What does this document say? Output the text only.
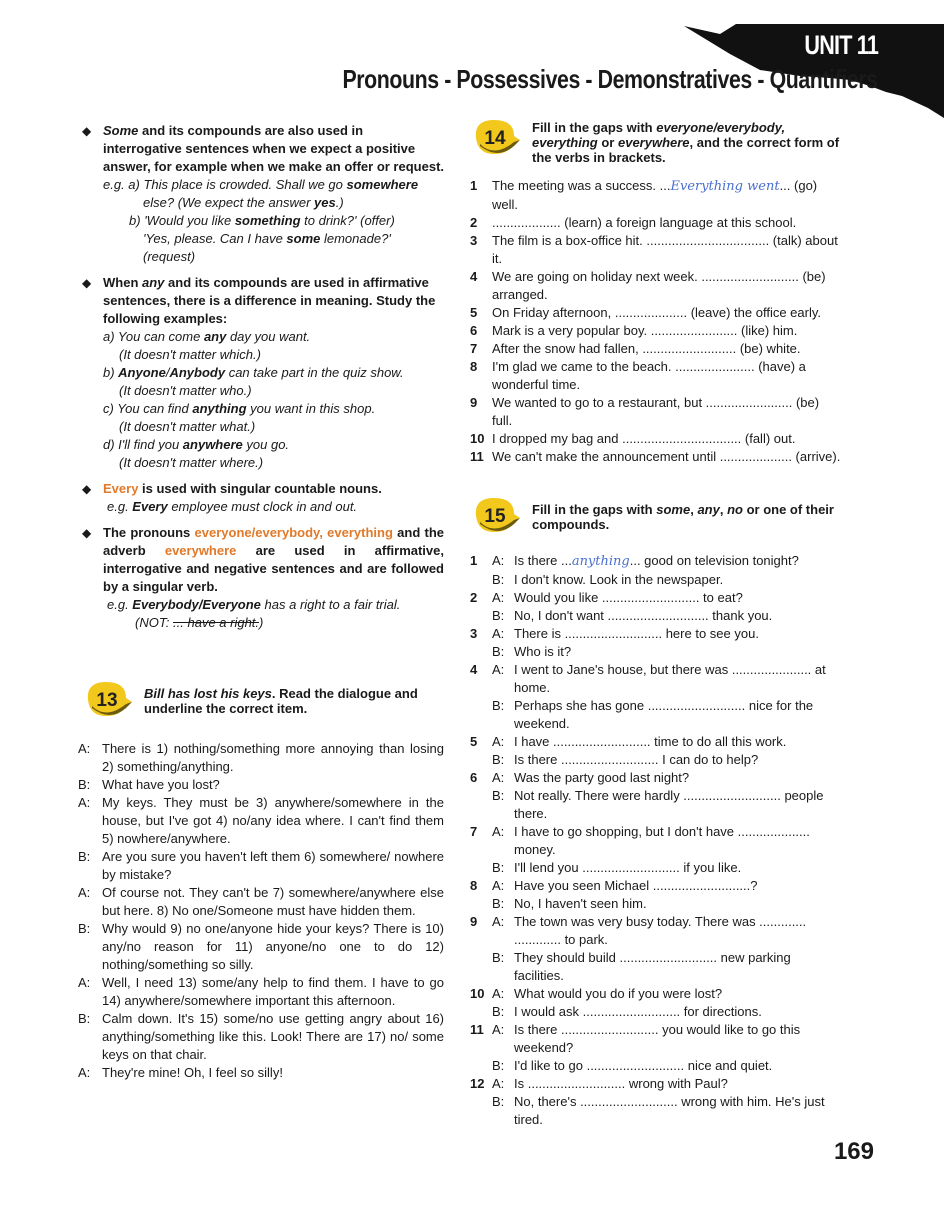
UNIT 11
Pronouns - Possessives - Demonstratives - Quantifiers
◆ Some and its compounds are also used in interrogative sentences when we expect a positive answer, for example when we make an offer or request.
e.g. a) This place is crowded. Shall we go somewhere
else? (We expect the answer yes.)
b) 'Would you like something to drink?' (offer)
'Yes, please. Can I have some lemonade?'
(request)
◆ When any and its compounds are used in affirmative sentences, there is a difference in meaning. Study the following examples:
a) You can come any day you want.
(It doesn't matter which.)
b) Anyone/Anybody can take part in the quiz show.
(It doesn't matter who.)
c) You can find anything you want in this shop.
(It doesn't matter what.)
d) I'll find you anywhere you go.
(It doesn't matter where.)
◆ Every is used with singular countable nouns.
e.g. Every employee must clock in and out.
◆ The pronouns everyone/everybody, everything and the adverb everywhere are used in affirmative, interrogative and negative sentences and are followed by a singular verb.
e.g. Everybody/Everyone has a right to a fair trial.
(NOT: ... have a right.)
13 Bill has lost his keys. Read the dialogue and underline the correct item.
A: There is 1) nothing/something more annoying than losing 2) something/anything.
B: What have you lost?
A: My keys. They must be 3) anywhere/somewhere in the house, but I've got 4) no/any idea where. I can't find them 5) nowhere/anywhere.
B: Are you sure you haven't left them 6) somewhere/ nowhere by mistake?
A: Of course not. They can't be 7) somewhere/anywhere else but here. 8) No one/Someone must have hidden them.
B: Why would 9) no one/anyone hide your keys? There is 10) any/no reason for 11) anyone/no one to do 12) nothing/something so silly.
A: Well, I need 13) some/any help to find them. I have to go 14) anywhere/somewhere important this afternoon.
B: Calm down. It's 15) some/no use getting angry about 16) anything/something like this. Look! There are 17) no/ some keys on that chair.
A: They're mine! Oh, I feel so silly!
14
Fill in the gaps with everyone/everybody, everything or everywhere, and the correct form of the verbs in brackets.
1	The meeting was a success. ...Everything went... (go) well.
2	................... (learn) a foreign language at this school.
3	The film is a box-office hit. .................................. (talk) about it.
4	We are going on holiday next week. ........................... (be) arranged.
5	On Friday afternoon, .................... (leave) the office early.
6	Mark is a very popular boy. ........................ (like) him.
7	After the snow had fallen, .......................... (be) white.
8	I'm glad we came to the beach. ...................... (have) a wonderful time.
9	We wanted to go to a restaurant, but ........................ (be) full.
10 I dropped my bag and ................................. (fall) out.
11 We can't make the announcement until .................... (arrive).
15 Fill in the gaps with some, any, no or one of their compounds.
1	A: Is there ...anything... good on television tonight?
B: I don't know. Look in the newspaper.
2	A: Would you like ........................... to eat?
B: No, I don't want ............................ thank you.
3	A: There is ........................... here to see you.
B: Who is it?
4	A: I went to Jane's house, but there was ...................... at home.
B: Perhaps she has gone ........................... nice for the weekend.
5	A: I have ........................... time to do all this work.
B: Is there ........................... I can do to help?
6	A: Was the party good last night?
B: Not really. There were hardly ........................... people there.
7	A: I have to go shopping, but I don't have .................... money.
B: I'll lend you ........................... if you like.
8	A: Have you seen Michael ...........................?
B: No, I haven't seen him.
9	A: The town was very busy today. There was ............. ............. to park.
B: They should build ........................... new parking facilities.
10 A: What would you do if you were lost?
B: I would ask ........................... for directions.
11 A: Is there ........................... you would like to go this weekend?
B: I'd like to go ........................... nice and quiet.
12 A: Is ........................... wrong with Paul?
B: No, there's ........................... wrong with him. He's just tired.
169
